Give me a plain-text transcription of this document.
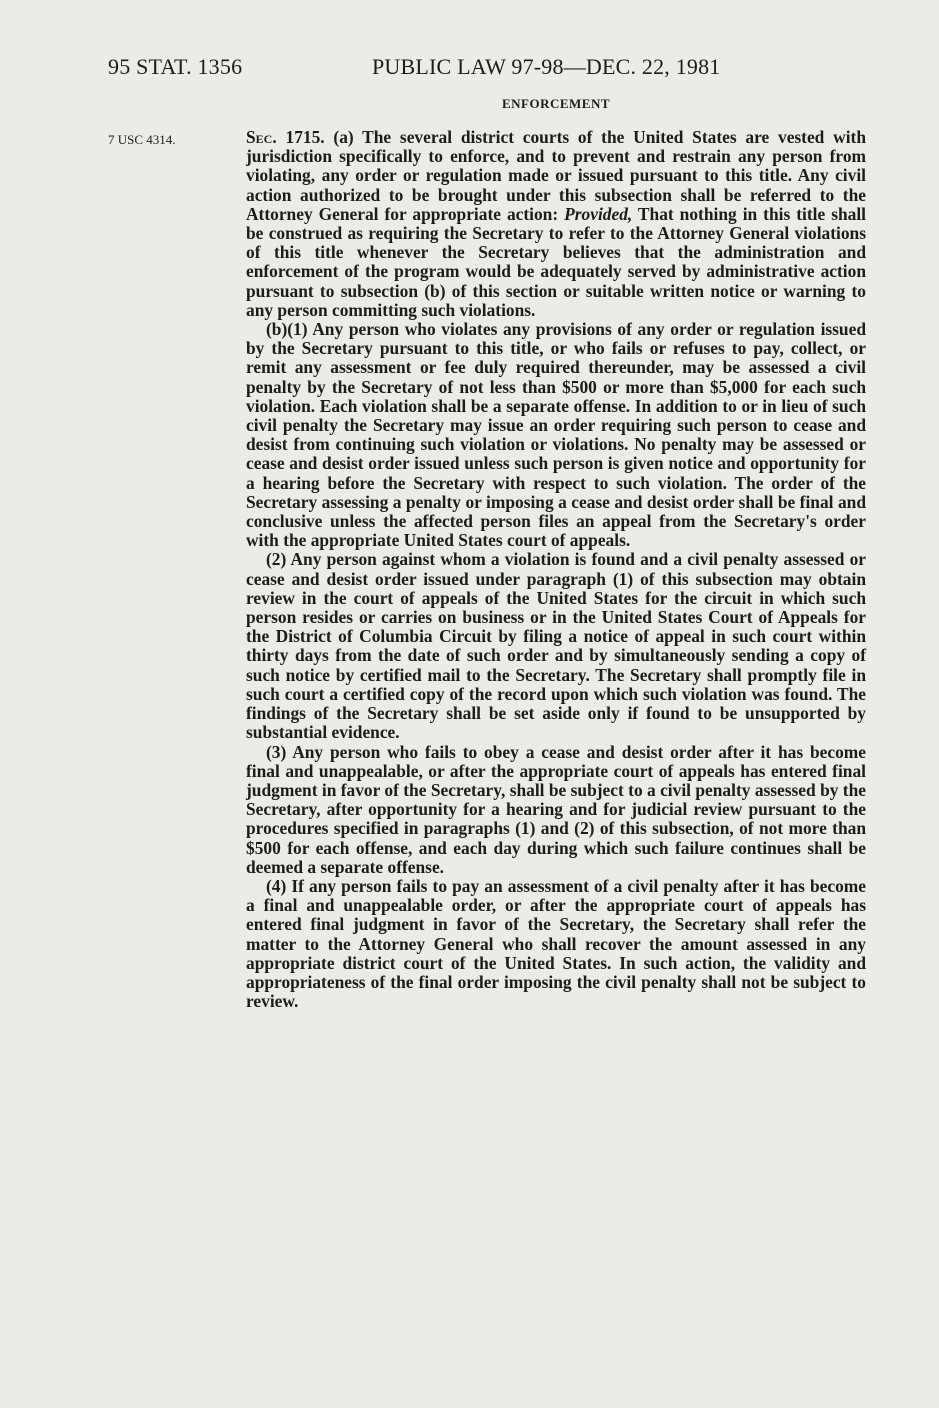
95 STAT. 1356	PUBLIC LAW 97-98—DEC. 22, 1981
ENFORCEMENT
7 USC 4314.	Sec. 1715. (a) The several district courts of the United States are vested with jurisdiction specifically to enforce, and to prevent and restrain any person from violating, any order or regulation made or issued pursuant to this title. Any civil action authorized to be brought under this subsection shall be referred to the Attorney General for appropriate action: Provided, That nothing in this title shall be construed as requiring the Secretary to refer to the Attorney General violations of this title whenever the Secretary believes that the administration and enforcement of the program would be adequately served by administrative action pursuant to subsection (b) of this section or suitable written notice or warning to any person committing such violations.

(b)(1) Any person who violates any provisions of any order or regulation issued by the Secretary pursuant to this title, or who fails or refuses to pay, collect, or remit any assessment or fee duly required thereunder, may be assessed a civil penalty by the Secretary of not less than $500 or more than $5,000 for each such violation. Each violation shall be a separate offense. In addition to or in lieu of such civil penalty the Secretary may issue an order requiring such person to cease and desist from continuing such violation or violations. No penalty may be assessed or cease and desist order issued unless such person is given notice and opportunity for a hearing before the Secretary with respect to such violation. The order of the Secretary assessing a penalty or imposing a cease and desist order shall be final and conclusive unless the affected person files an appeal from the Secretary's order with the appropriate United States court of appeals.

(2) Any person against whom a violation is found and a civil penalty assessed or cease and desist order issued under paragraph (1) of this subsection may obtain review in the court of appeals of the United States for the circuit in which such person resides or carries on business or in the United States Court of Appeals for the District of Columbia Circuit by filing a notice of appeal in such court within thirty days from the date of such order and by simultaneously sending a copy of such notice by certified mail to the Secretary. The Secretary shall promptly file in such court a certified copy of the record upon which such violation was found. The findings of the Secretary shall be set aside only if found to be unsupported by substantial evidence.

(3) Any person who fails to obey a cease and desist order after it has become final and unappealable, or after the appropriate court of appeals has entered final judgment in favor of the Secretary, shall be subject to a civil penalty assessed by the Secretary, after opportunity for a hearing and for judicial review pursuant to the procedures specified in paragraphs (1) and (2) of this subsection, of not more than $500 for each offense, and each day during which such failure continues shall be deemed a separate offense.

(4) If any person fails to pay an assessment of a civil penalty after it has become a final and unappealable order, or after the appropriate court of appeals has entered final judgment in favor of the Secretary, the Secretary shall refer the matter to the Attorney General who shall recover the amount assessed in any appropriate district court of the United States. In such action, the validity and appropriateness of the final order imposing the civil penalty shall not be subject to review.
